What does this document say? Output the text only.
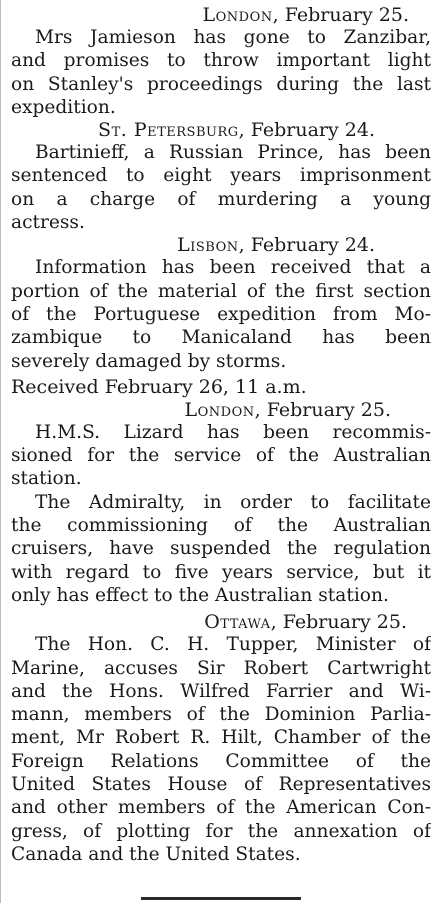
London, February 25.
Mrs Jamieson has gone to Zanzibar,
and promises to throw important light
on Stanley's proceedings during the last
expedition.
St. Petersburg, February 24.
Bartinieff, a Russian Prince, has been
sentenced to eight years imprisonment
on a charge of murdering a young
actress.
Lisbon, February 24.
Information has been received that a
portion of the material of the first section
of the Portuguese expedition from Mo-
zambique to Manicaland has been
severely damaged by storms.
Received February 26, 11 a.m.
London, February 25.
H.M.S. Lizard has been recommis-
sioned for the service of the Australian
station.
The Admiralty, in order to facilitate
the commissioning of the Australian
cruisers, have suspended the regulation
with regard to five years service, but it
only has effect to the Australian station.
Ottawa, February 25.
The Hon. C. H. Tupper, Minister of
Marine, accuses Sir Robert Cartwright
and the Hons. Wilfred Farrier and Wi-
mann, members of the Dominion Parlia-
ment, Mr Robert R. Hilt, Chamber of the
Foreign Relations Committee of the
United States House of Representatives
and other members of the American Con-
gress, of plotting for the annexation of
Canada and the United States.
